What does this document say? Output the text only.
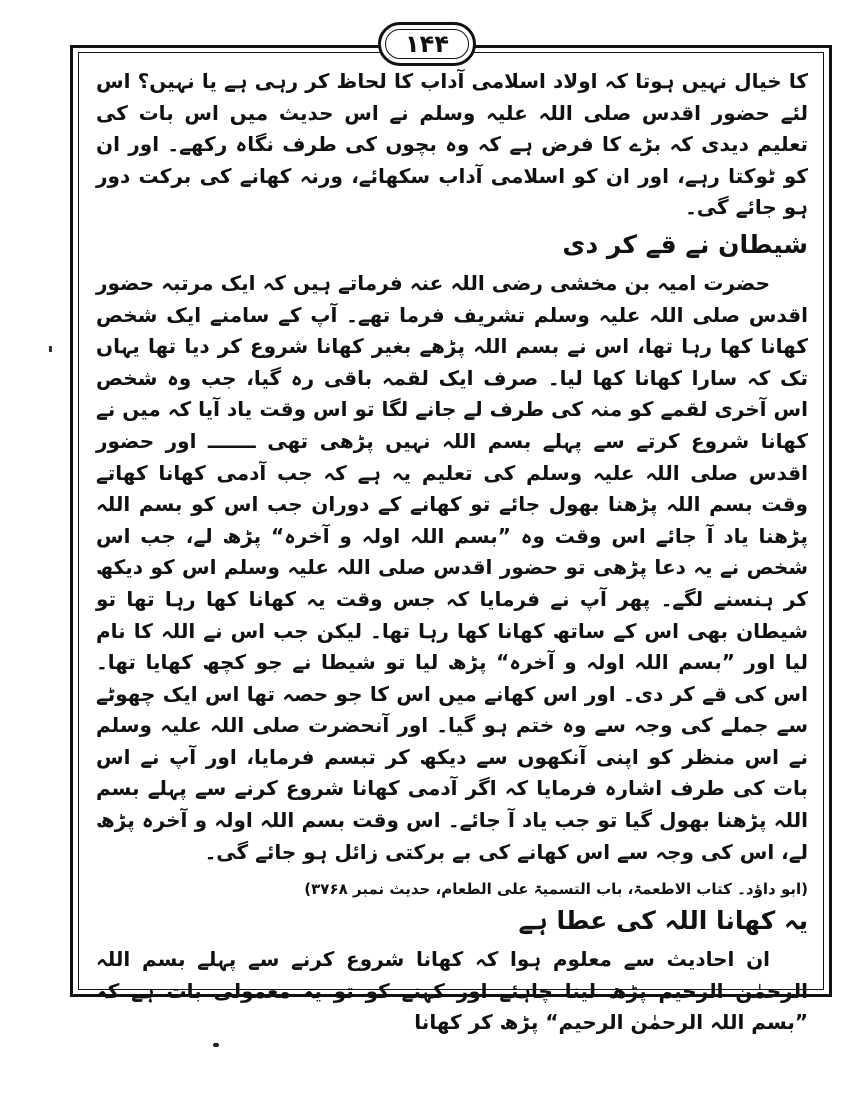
۱۴۴

کا خیال نہیں ہوتا کہ اولاد اسلامی آداب کا لحاظ کر رہی ہے یا نہیں؟ اس لئے حضور اقدس صلی اللہ علیہ وسلم نے اس حدیث میں اس بات کی تعلیم دیدی کہ بڑے کا فرض ہے کہ وہ بچوں کی طرف نگاہ رکھے۔ اور ان کو ٹوکتا رہے، اور ان کو اسلامی آداب سکھائے، ورنہ کھانے کی برکت دور ہو جائے گی۔

شیطان نے قے کر دی

حضرت امیہ بن مخشی رضی اللہ عنہ فرماتے ہیں کہ ایک مرتبہ حضور اقدس صلی اللہ علیہ وسلم تشریف فرما تھے۔ آپ کے سامنے ایک شخص کھانا کھا رہا تھا، اس نے بسم اللہ پڑھے بغیر کھانا شروع کر دیا تھا یہاں تک کہ سارا کھانا کھا لیا۔ صرف ایک لقمہ باقی رہ گیا، جب وہ شخص اس آخری لقمے کو منہ کی طرف لے جانے لگا تو اس وقت یاد آیا کہ میں نے کھانا شروع کرتے سے پہلے بسم اللہ نہیں پڑھی تھی ـــــــ اور حضور اقدس صلی اللہ علیہ وسلم کی تعلیم یہ ہے کہ جب آدمی کھانا کھاتے وقت بسم اللہ پڑھنا بھول جائے تو کھانے کے دوران جب اس کو بسم اللہ پڑھنا یاد آ جائے اس وقت وہ ”بسم اللہ اولہ و آخرہ“ پڑھ لے، جب اس شخص نے یہ دعا پڑھی تو حضور اقدس صلی اللہ علیہ وسلم اس کو دیکھ کر ہنسنے لگے۔ پھر آپ نے فرمایا کہ جس وقت یہ کھانا کھا رہا تھا تو شیطان بھی اس کے ساتھ کھانا کھا رہا تھا۔ لیکن جب اس نے اللہ کا نام لیا اور ”بسم اللہ اولہ و آخرہ“ پڑھ لیا تو شیطا نے جو کچھ کھایا تھا۔ اس کی قے کر دی۔ اور اس کھانے میں اس کا جو حصہ تھا اس ایک چھوٹے سے جملے کی وجہ سے وہ ختم ہو گیا۔ اور آنحضرت صلی اللہ علیہ وسلم نے اس منظر کو اپنی آنکھوں سے دیکھ کر تبسم فرمایا، اور آپ نے اس بات کی طرف اشارہ فرمایا کہ اگر آدمی کھانا شروع کرنے سے پہلے بسم اللہ پڑھنا بھول گیا تو جب یاد آ جائے۔ اس وقت بسم اللہ اولہ و آخرہ پڑھ لے، اس کی وجہ سے اس کھانے کی بے برکتی زائل ہو جائے گی۔

(ابو داؤد۔ کتاب الاطعمۃ، باب التسمیۃ علی الطعام، حدیث نمبر ۳۷۶۸)

یہ کھانا اللہ کی عطا ہے

ان احادیث سے معلوم ہوا کہ کھانا شروع کرنے سے پہلے بسم اللہ الرحمٰن الرحیم پڑھ لینا چاہئے اور کہنے کو تو یہ معمولی بات ہے کہ ”بسم اللہ الرحمٰن الرحیم“ پڑھ کر کھانا
